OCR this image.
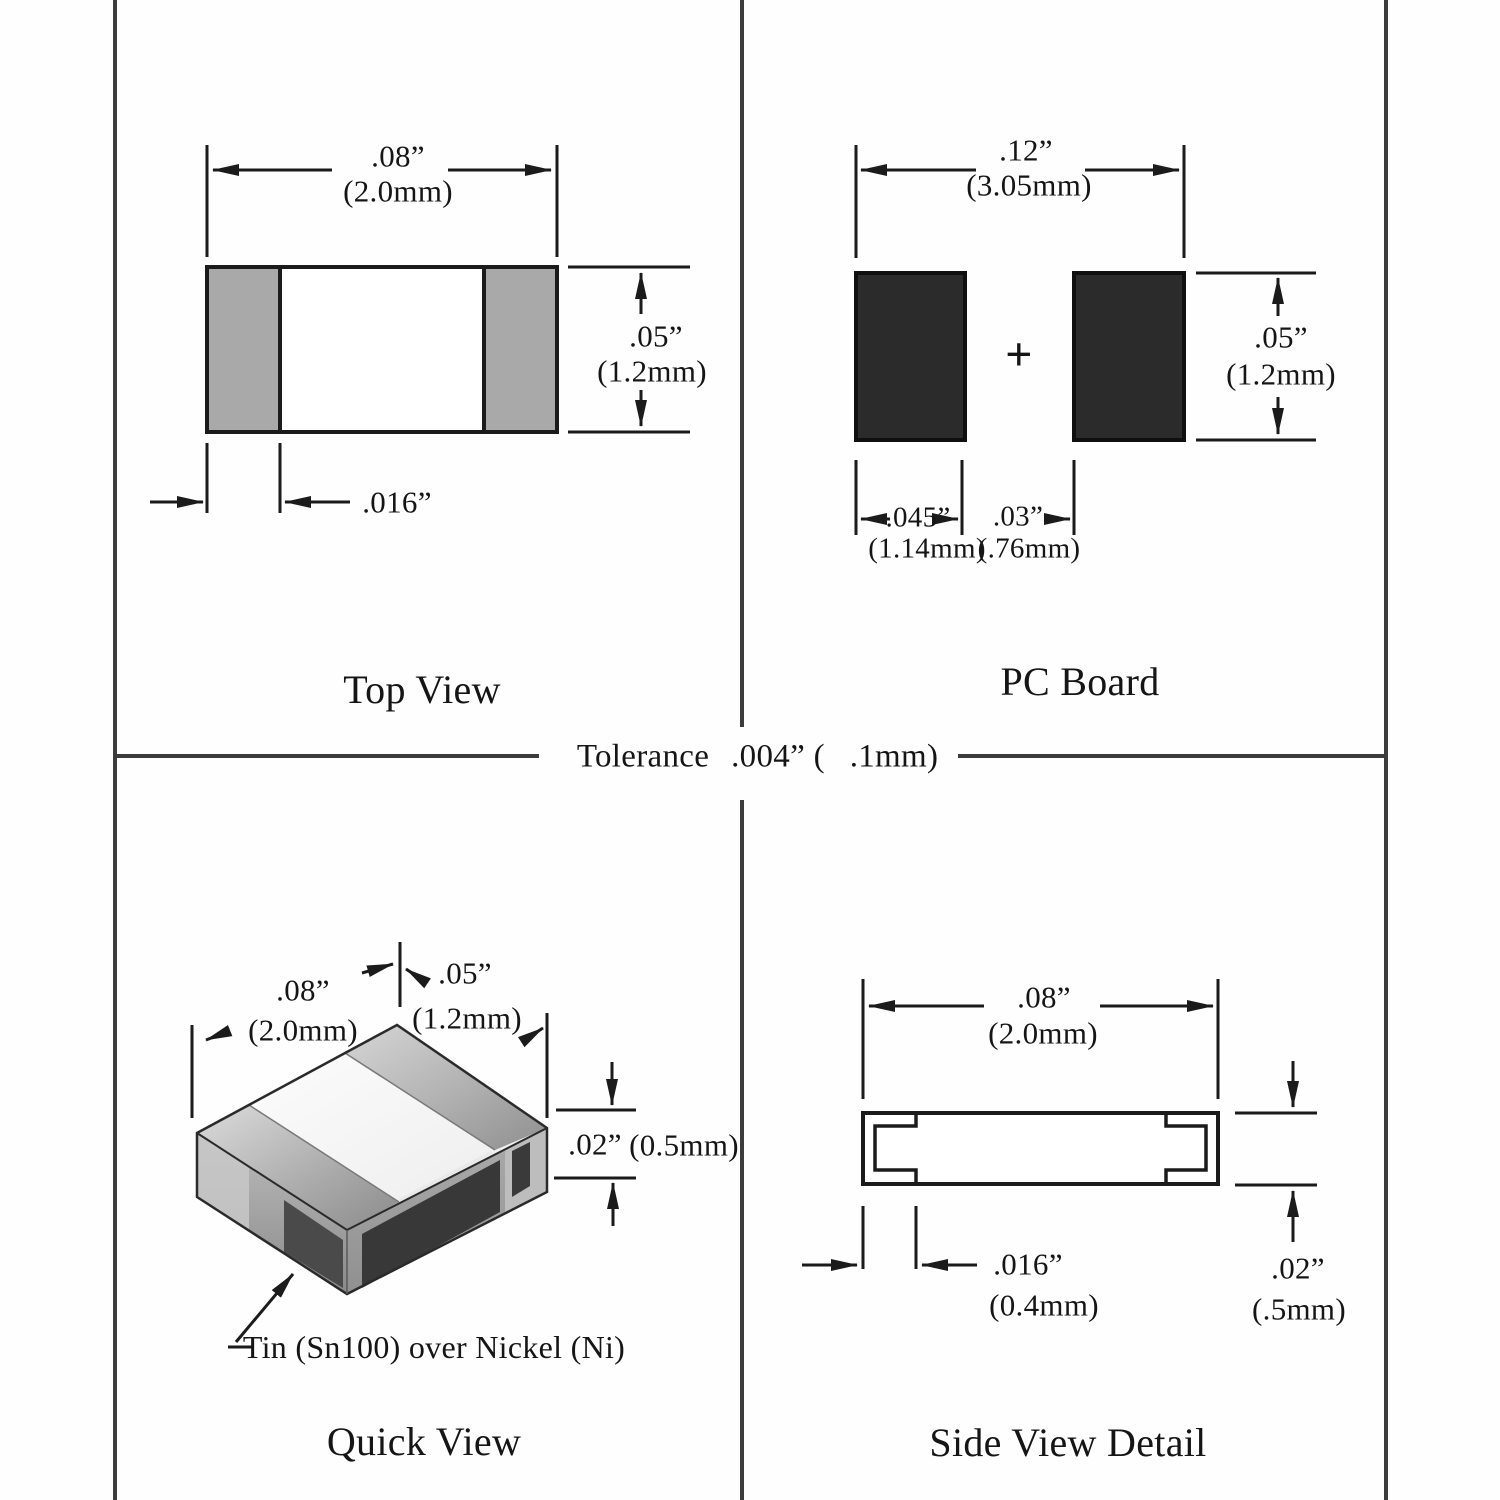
.08”
(2.0mm)
.05”
(1.2mm)
.016”
Top View
.12”
(3.05mm)
+	.05”
(1.2mm)
.045” .03”
(1.14mm)
(.76mm)
PC Board
Tolerance .004” ( .1mm)
.08”
(2.0mm)
.05”
(1.2mm)
.02” (0.5mm)
Tin (Sn100) over Nickel (Ni)
Quick View
.08”
(2.0mm)
.016”
(0.4mm)
.02”
(.5mm)
Side View Detail
